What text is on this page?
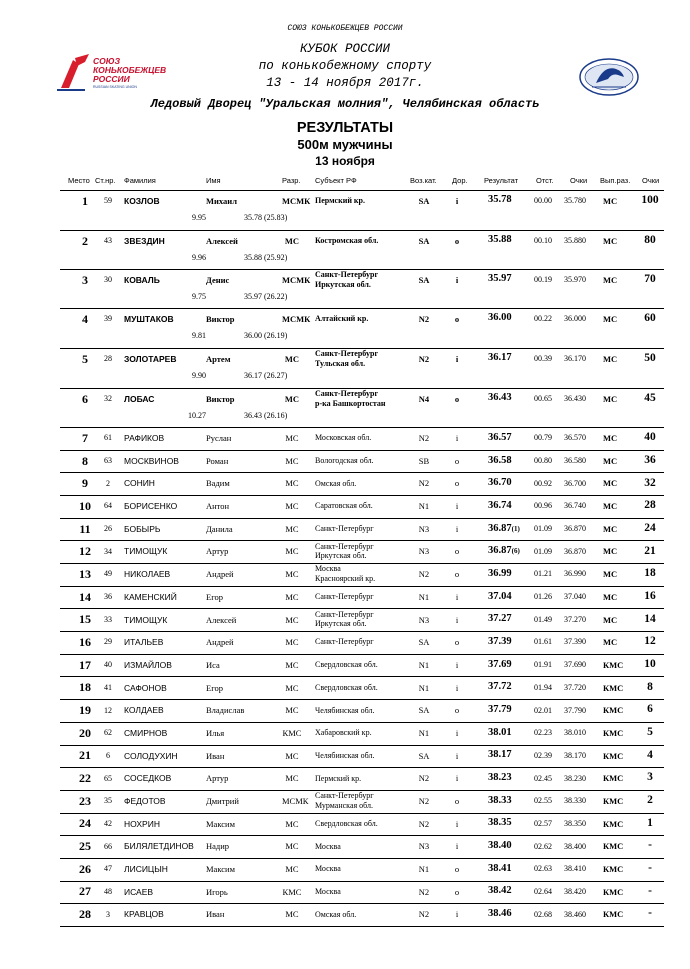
СОЮЗ КОНЬКОБЕЖЦЕВ РОССИИ
КУБОК РОССИИ
по конькобежному спорту
13 - 14 ноября 2017г.
Ледовый Дворец "Уральская молния", Челябинская область
РЕЗУЛЬТАТЫ
500м мужчины
13 ноября
СОЮЗ
КОНЬКОБЕЖЦЕВ
РОССИИ
RUSSIAN SKATING UNION
Место Ст.нр. Фамилия	Имя	Разр. Субъект РФ	Воз.кат. Дор. Результат Отст. Очки Вып.раз. Очки
1	59	КОЗЛОВ	Михаил	МСМК	SA	i	35.78	00.00 35.780 МС 100
Пермский кр.
9.95	35.78 (25.83)
2	43	ЗВЕЗДИН	Алексей	МС	SA	o	35.88	00.10 35.880 МС	80
Костромская обл.
9.96	35.88 (25.92)
3	30	КОВАЛЬ	Денис	МСМК	SA	i	35.97	00.19 35.970 МС	70
Санкт-Петербург
Иркутская обл.
9.75	35.97 (26.22)
4	39	МУШТАКОВ	Виктор	МСМК	N2	o	36.00	00.22 36.000 МС	60
Алтайский кр.
9.81	36.00 (26.19)
5	28	ЗОЛОТАРЕВ	Артем	МС	N2	i	36.17	00.39 36.170 МС	50
Санкт-Петербург
Тульская обл.
9.90	36.17 (26.27)
6	32	ЛОБАС	Виктор	МС	N4	o	36.43	00.65 36.430 МС	45
Санкт-Петербург
р-ка Башкортостан
10.27	36.43 (26.16)
7	61	РАФИКОВ	Руслан	МС	N2	i	36.57	00.79 36.570 МС	40
Московская обл.
8	63	МОСКВИНОВ	Роман	МС	SB	o	36.58	00.80 36.580 МС	36
Вологодская обл.
9	2	СОНИН	Вадим	МС	N2	o	36.70	00.92 36.700 МС	32
Омская обл.
10	64	БОРИСЕНКО	Антон	МС	N1	i	36.74	00.96 36.740 МС	28
Саратовская обл.
11	26	БОБЫРЬ	Данила	МС	N3	i	36.87(1) 01.09 36.870 МС	24
Санкт-Петербург
12	34	ТИМОЩУК	Артур	МС	N3	o	36.87(6) 01.09 36.870 МС	21
Санкт-Петербург
Иркутская обл.
13	49	НИКОЛАЕВ	Андрей	МС	N2	o	36.99	01.21 36.990 МС	18
Москва
Красноярский кр.
14	36	КАМЕНСКИЙ	Егор	МС	N1	i	37.04	01.26 37.040 МС	16
Санкт-Петербург
15	33	ТИМОЩУК	Алексей	МС	N3	i	37.27	01.49 37.270 МС	14
Санкт-Петербург
Иркутская обл.
16	29	ИТАЛЬЕВ	Андрей	МС	SA	o	37.39	01.61 37.390 МС	12
Санкт-Петербург
17	40	ИЗМАЙЛОВ	Иса	МС	N1	i	37.69	01.91 37.690 КМС	10
Свердловская обл.
18	41	САФОНОВ	Егор	МС	N1	i	37.72	01.94 37.720 КМС	8
Свердловская обл.
19	12	КОЛДАЕВ	Владислав	МС	SA	o	37.79	02.01 37.790 КМС	6
Челябинская обл.
20	62	СМИРНОВ	Илья	КМС	N1	i	38.01	02.23 38.010 КМС	5
Хабаровский кр.
21	6	СОЛОДУХИН	Иван	МС	SA	i	38.17	02.39 38.170 КМС	4
Челябинская обл.
22	65	СОСЕДКОВ	Артур	МС	N2	i	38.23	02.45 38.230 КМС	3
Пермский кр.
23	35	ФЕДОТОВ	Дмитрий	МСМК	N2	o	38.33	02.55 38.330 КМС	2
Санкт-Петербург
Мурманская обл.
24	42	НОХРИН	Максим	МС	N2	i	38.35	02.57 38.350 КМС	1
Свердловская обл.
25	66	БИЛЯЛЕТДИНОВ Надир	МС	N3	i	38.40	02.62 38.400 КМС	-
Москва
26	47	ЛИСИЦЫН	Максим	МС	N1	o	38.41	02.63 38.410 КМС	-
Москва
27	48	ИСАЕВ	Игорь	КМС	N2	o	38.42	02.64 38.420 КМС	-
Москва
28	3	КРАВЦОВ	Иван	МС	N2	i	38.46	02.68 38.460 КМС	-
Омская обл.
